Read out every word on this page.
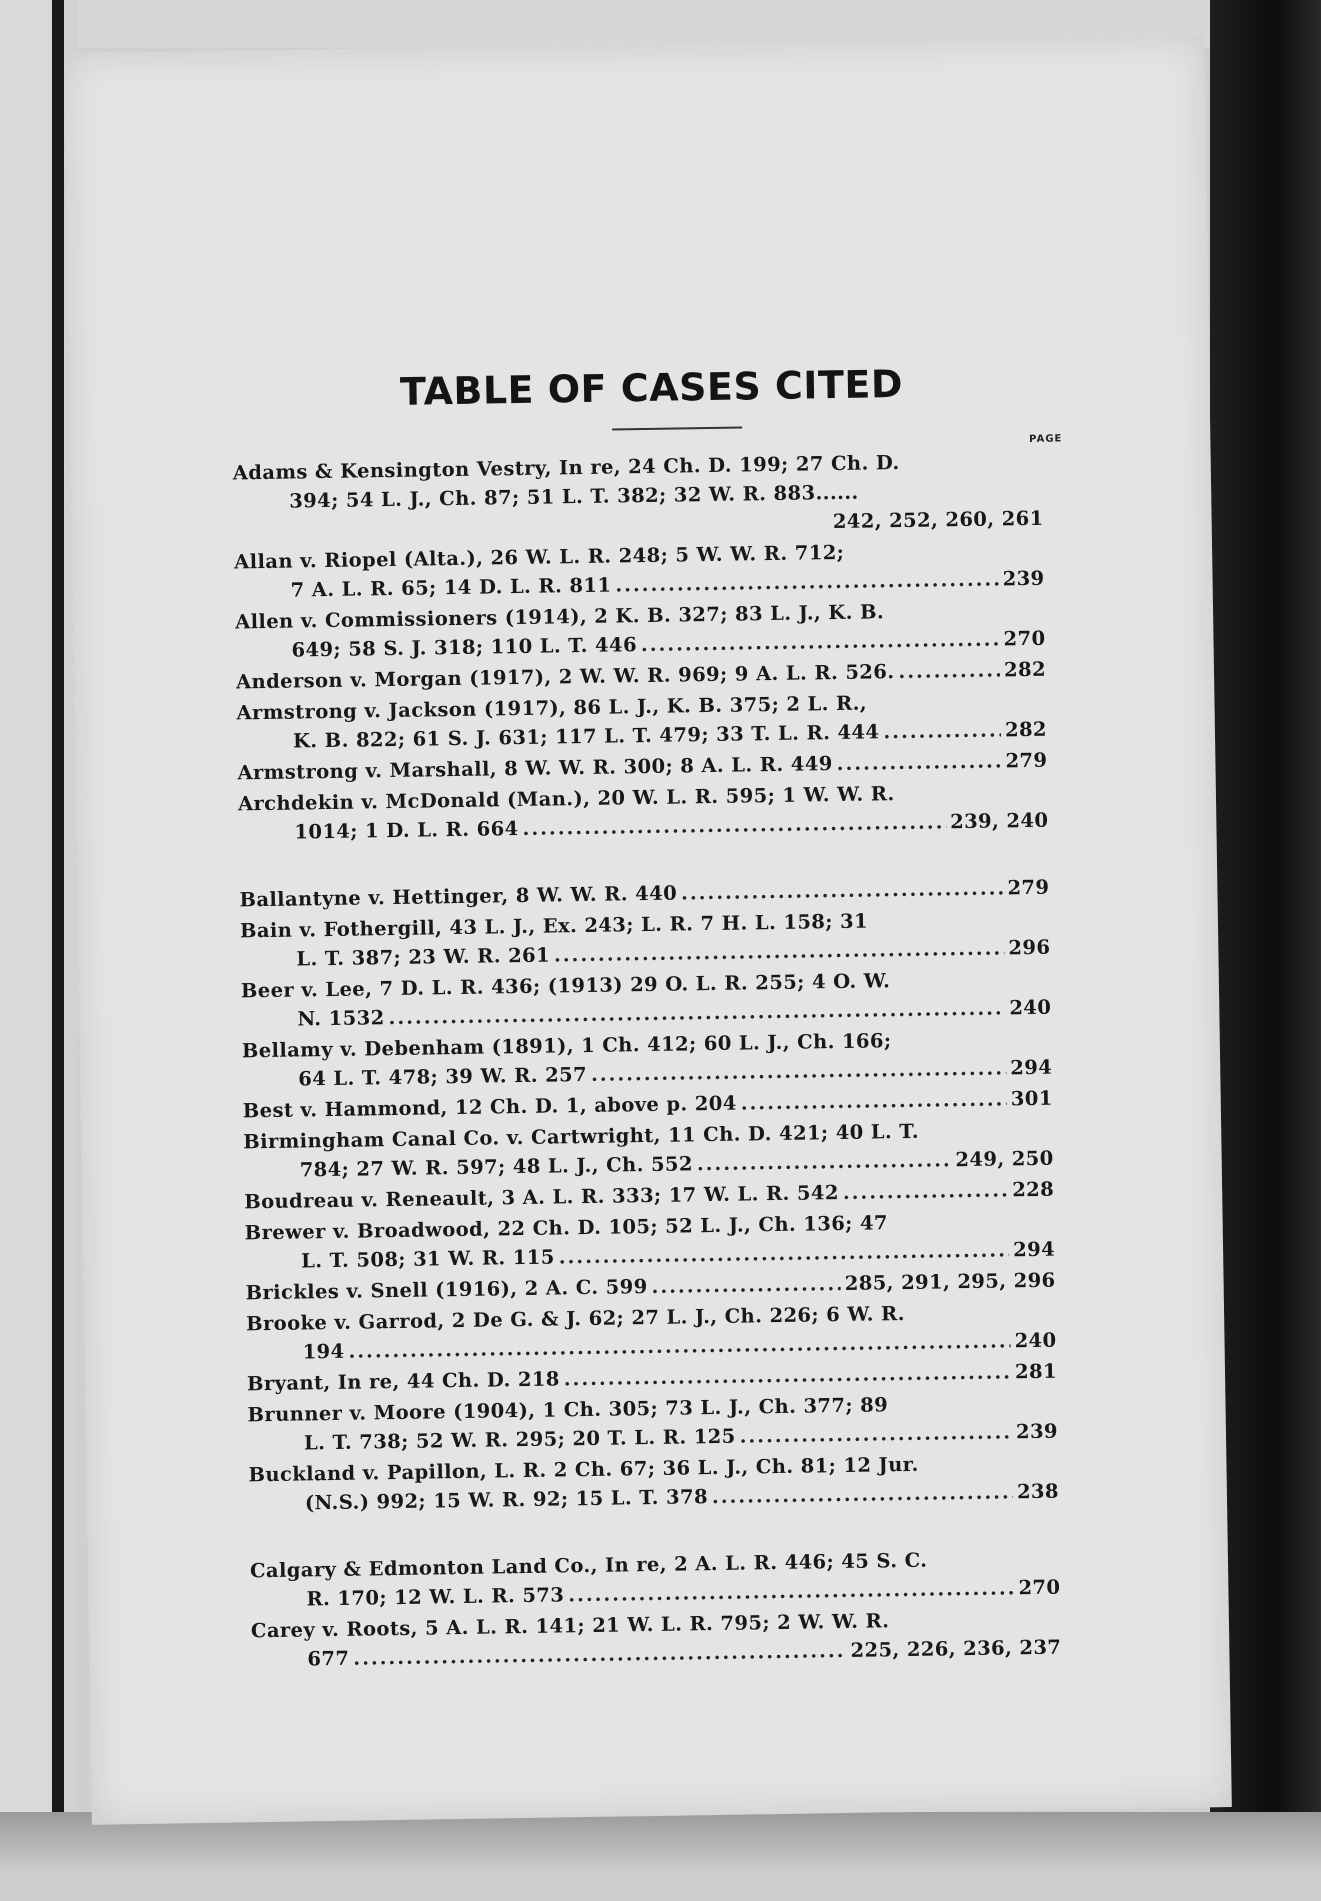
TABLE OF CASES CITED
PAGE
Adams & Kensington Vestry, In re, 24 Ch. D. 199; 27 Ch. D.
394; 54 L. J., Ch. 87; 51 L. T. 382; 32 W. R. 883......
242, 252, 260, 261
Allan v. Riopel (Alta.), 26 W. L. R. 248; 5 W. W. R. 712;
7 A. L. R. 65; 14 D. L. R. 811 .....	239
Allen v. Commissioners (1914), 2 K. B. 327; 83 L. J., K. B.
649; 58 S. J. 318; 110 L. T. 446 .....	270
Anderson v. Morgan (1917), 2 W. W. R. 969; 9 A. L. R. 526. .....	282
Armstrong v. Jackson (1917), 86 L. J., K. B. 375; 2 L. R.,
K. B. 822; 61 S. J. 631; 117 L. T. 479; 33 T. L. R. 444 .....	282
Armstrong v. Marshall, 8 W. W. R. 300; 8 A. L. R. 449 .....	279
Archdekin v. McDonald (Man.), 20 W. L. R. 595; 1 W. W. R.
1014; 1 D. L. R. 664 .....	239, 240
Ballantyne v. Hettinger, 8 W. W. R. 440 .....	279
Bain v. Fothergill, 43 L. J., Ex. 243; L. R. 7 H. L. 158; 31
L. T. 387; 23 W. R. 261 .....	296
Beer v. Lee, 7 D. L. R. 436; (1913) 29 O. L. R. 255; 4 O. W.
N. 1532 .....	240
Bellamy v. Debenham (1891), 1 Ch. 412; 60 L. J., Ch. 166;
64 L. T. 478; 39 W. R. 257 .....	294
Best v. Hammond, 12 Ch. D. 1, above p. 204 .....	301
Birmingham Canal Co. v. Cartwright, 11 Ch. D. 421; 40 L. T.
784; 27 W. R. 597; 48 L. J., Ch. 552 .....	249, 250
Boudreau v. Reneault, 3 A. L. R. 333; 17 W. L. R. 542 .....	228
Brewer v. Broadwood, 22 Ch. D. 105; 52 L. J., Ch. 136; 47
L. T. 508; 31 W. R. 115 .....	294
Brickles v. Snell (1916), 2 A. C. 599 .....	285, 291, 295, 296
Brooke v. Garrod, 2 De G. & J. 62; 27 L. J., Ch. 226; 6 W. R.
194 .....	240
Bryant, In re, 44 Ch. D. 218 .....	281
Brunner v. Moore (1904), 1 Ch. 305; 73 L. J., Ch. 377; 89
L. T. 738; 52 W. R. 295; 20 T. L. R. 125 .....	239
Buckland v. Papillon, L. R. 2 Ch. 67; 36 L. J., Ch. 81; 12 Jur.
(N.S.) 992; 15 W. R. 92; 15 L. T. 378 .....	238
Calgary & Edmonton Land Co., In re, 2 A. L. R. 446; 45 S. C.
R. 170; 12 W. L. R. 573 .....	270
Carey v. Roots, 5 A. L. R. 141; 21 W. L. R. 795; 2 W. W. R.
677 .....	225, 226, 236, 237
